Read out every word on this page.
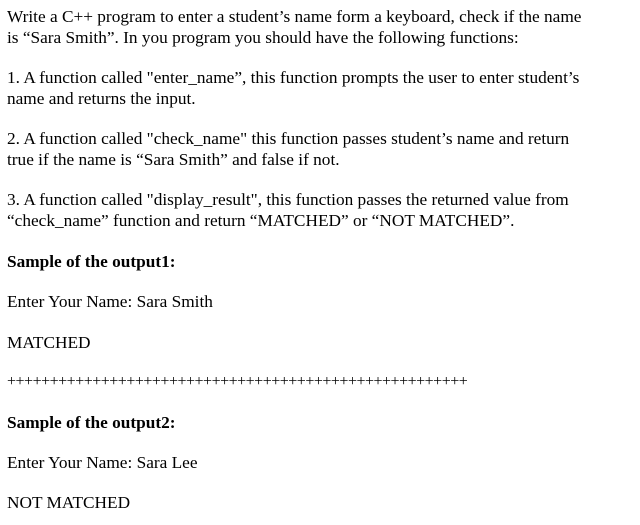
Write a C++ program to enter a student’s name form a keyboard, check if the name
is “Sara Smith”. In you program you should have the following functions:
1. A function called "enter_name”, this function prompts the user to enter student’s
name and returns the input.
2. A function called "check_name" this function passes student’s name and return
true if the name is “Sara Smith” and false if not.
3. A function called "display_result", this function passes the returned value from
“check_name” function and return “MATCHED” or “NOT MATCHED”.
Sample of the output1:
Enter Your Name: Sara Smith
MATCHED
++++++++++++++++++++++++++++++++++++++++++++++++++++++
Sample of the output2:
Enter Your Name: Sara Lee
NOT MATCHED
